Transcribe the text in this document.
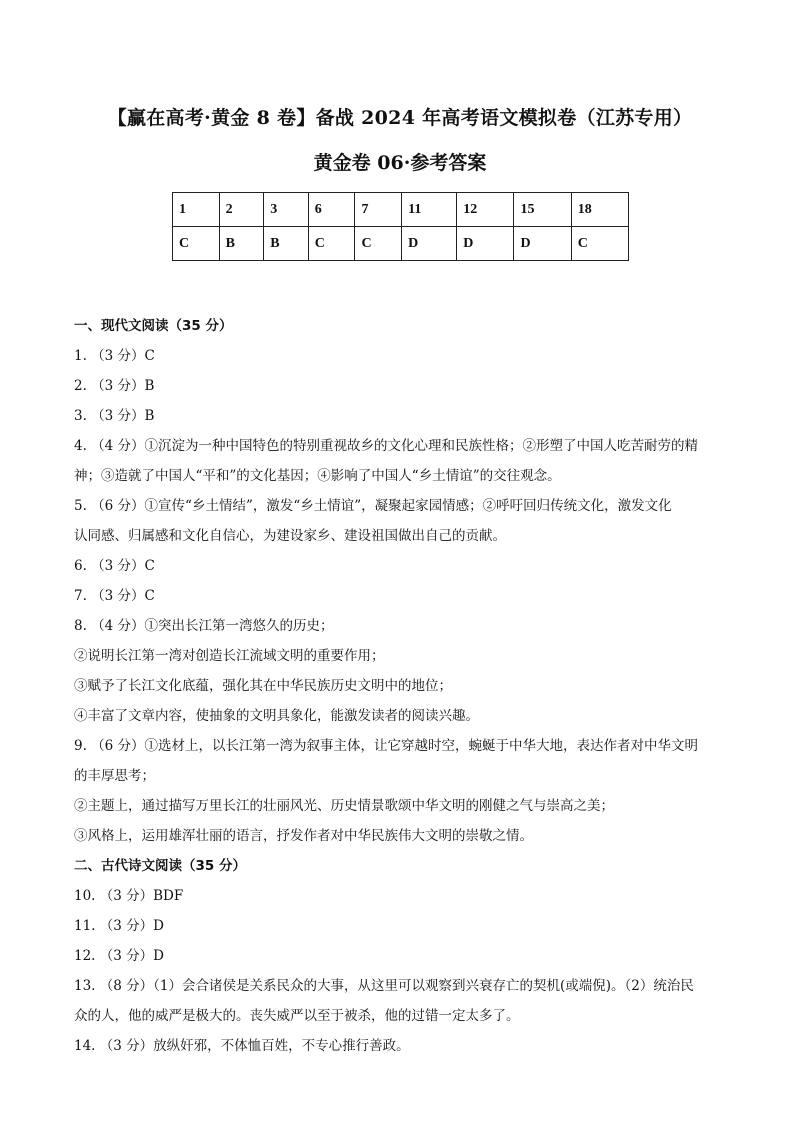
【赢在高考·黄金 8 卷】备战 2024 年高考语文模拟卷（江苏专用）
黄金卷 06·参考答案
1	2	3	6	7	11	12	15	18
C	B	B	C	C	D	D	D	C
一、现代文阅读（35 分）
1. （3 分）C
2. （3 分）B
3. （3 分）B
4. （4 分）①沉淀为一种中国特色的特别重视故乡的文化心理和民族性格；②形塑了中国人吃苦耐劳的精
神；③造就了中国人“平和”的文化基因；④影响了中国人“乡土情谊”的交往观念。
5. （6 分）①宣传“乡土情结”，激发“乡土情谊”，凝聚起家园情感；②呼吁回归传统文化，激发文化
认同感、归属感和文化自信心，为建设家乡、建设祖国做出自己的贡献。
6. （3 分）C
7. （3 分）C
8. （4 分）①突出长江第一湾悠久的历史；
②说明长江第一湾对创造长江流域文明的重要作用；
③赋予了长江文化底蕴，强化其在中华民族历史文明中的地位；
④丰富了文章内容，使抽象的文明具象化，能激发读者的阅读兴趣。
9. （6 分）①选材上，以长江第一湾为叙事主体，让它穿越时空，蜿蜒于中华大地，表达作者对中华文明
的丰厚思考；
②主题上，通过描写万里长江的壮丽风光、历史情景歌颂中华文明的刚健之气与崇高之美；
③风格上，运用雄浑壮丽的语言，抒发作者对中华民族伟大文明的崇敬之情。
二、古代诗文阅读（35 分）
10. （3 分）BDF
11. （3 分）D
12. （3 分）D
13. （8 分）（1）会合诸侯是关系民众的大事，从这里可以观察到兴衰存亡的契机(或端倪)。（2）统治民
众的人，他的威严是极大的。丧失威严以至于被杀，他的过错一定太多了。
14. （3 分）放纵奸邪，不体恤百姓，不专心推行善政。
